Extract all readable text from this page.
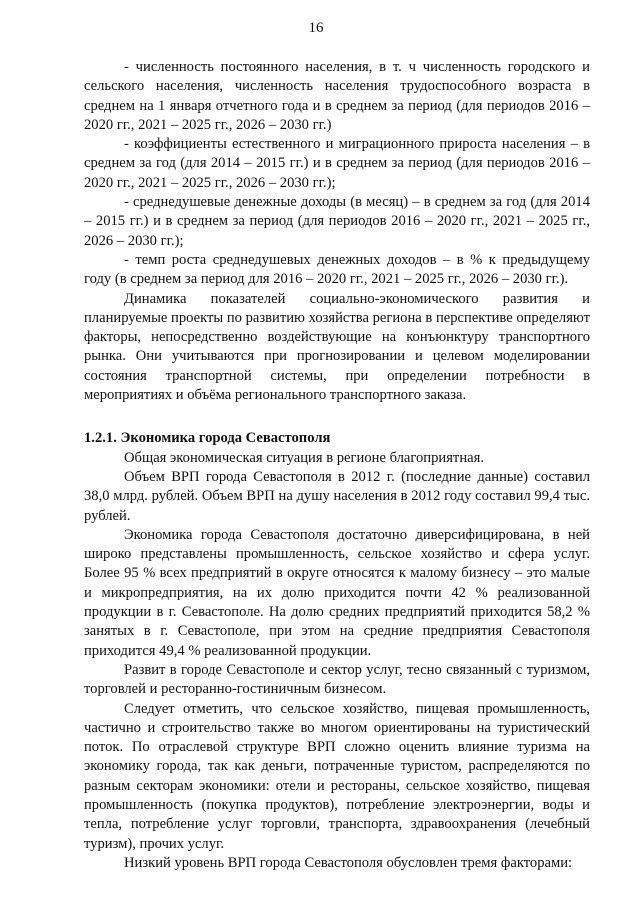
16

- численность постоянного населения, в т. ч численность городского и сельского населения, численность населения трудоспособного возраста в среднем на 1 января отчетного года и в среднем за период (для периодов 2016 – 2020 гг., 2021 – 2025 гг., 2026 – 2030 гг.)

- коэффициенты естественного и миграционного прироста населения – в среднем за год (для 2014 – 2015 гг.) и в среднем за период (для периодов 2016 – 2020 гг., 2021 – 2025 гг., 2026 – 2030 гг.);

- среднедушевые денежные доходы (в месяц) – в среднем за год (для 2014 – 2015 гг.) и в среднем за период (для периодов 2016 – 2020 гг., 2021 – 2025 гг., 2026 – 2030 гг.);

- темп роста среднедушевых денежных доходов – в % к предыдущему году (в среднем за период для 2016 – 2020 гг., 2021 – 2025 гг., 2026 – 2030 гг.).

Динамика показателей социально-экономического развития и планируемые проекты по развитию хозяйства региона в перспективе определяют факторы, непосредственно воздействующие на конъюнктуру транспортного рынка. Они учитываются при прогнозировании и целевом моделировании состояния транспортной системы, при определении потребности в мероприятиях и объёма регионального транспортного заказа.

1.2.1. Экономика города Севастополя

Общая экономическая ситуация в регионе благоприятная.

Объем ВРП города Севастополя в 2012 г. (последние данные) составил 38,0 млрд. рублей. Объем ВРП на душу населения в 2012 году составил 99,4 тыс. рублей.

Экономика города Севастополя достаточно диверсифицирована, в ней широко представлены промышленность, сельское хозяйство и сфера услуг. Более 95 % всех предприятий в округе относятся к малому бизнесу – это малые и микропредприятия, на их долю приходится почти 42 % реализованной продукции в г. Севастополе. На долю средних предприятий приходится 58,2 % занятых в г. Севастополе, при этом на средние предприятия Севастополя приходится 49,4 % реализованной продукции.

Развит в городе Севастополе и сектор услуг, тесно связанный с туризмом, торговлей и ресторанно-гостиничным бизнесом.

Следует отметить, что сельское хозяйство, пищевая промышленность, частично и строительство также во многом ориентированы на туристический поток. По отраслевой структуре ВРП сложно оценить влияние туризма на экономику города, так как деньги, потраченные туристом, распределяются по разным секторам экономики: отели и рестораны, сельское хозяйство, пищевая промышленность (покупка продуктов), потребление электроэнергии, воды и тепла, потребление услуг торговли, транспорта, здравоохранения (лечебный туризм), прочих услуг.

Низкий уровень ВРП города Севастополя обусловлен тремя факторами:
